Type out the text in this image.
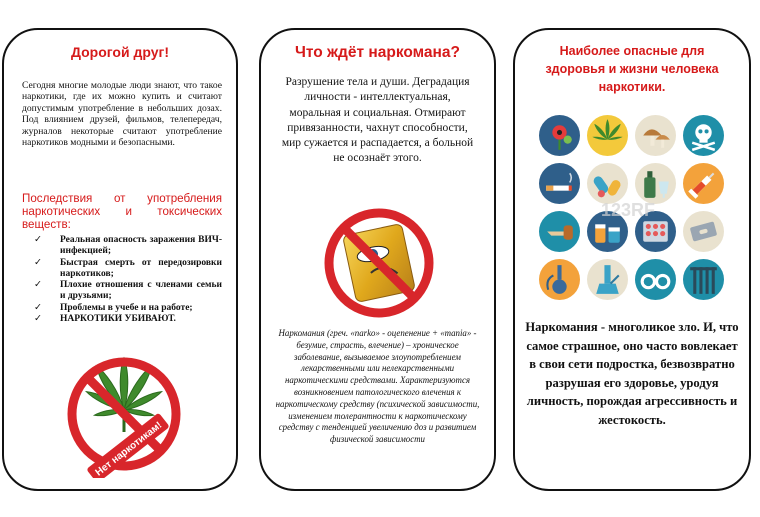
Дорогой друг!
Сегодня многие молодые люди знают, что такое наркотики, где их можно купить и считают допустимым употребление в небольших дозах. Под влиянием друзей, фильмов, телепередач, журналов некоторые считают употребление наркотиков модными и безопасными.
Последствия от употребления наркотических и токсических веществ:
✓ Реальная опасность заражения ВИЧ-инфекцией;
✓ Быстрая смерть от передозировки наркотиков;
✓ Плохие отношения с членами семьи и друзьями;
✓ Проблемы в учебе и на работе;
✓ НАРКОТИКИ УБИВАЮТ.
Нет наркотикам!
Что ждёт наркомана?
Разрушение тела и души. Деградация личности - интеллектуальная, моральная и социальная. Отмирают привязанности, чахнут способности, мир сужается и распадается, а больной не осознаёт этого.
Наркомания (греч. «narko» - оцепенение + «mania» - безумие, страсть, влечение) – хроническое заболевание, вызываемое злоупотреблением лекарственными или нелекарственными наркотическими средствами. Характеризуются возникновением патологического влечения к наркотическому средству (психической зависимости, изменением толерантности к наркотическому средству с тенденцией увеличению доз и развитием физической зависимости
Наиболее опасные для здоровья и жизни человека наркотики.
123RF
Наркомания - многоликое зло. И, что самое страшное, оно часто вовлекает в свои сети подростка, безвозвратно разрушая его здоровье, уродуя личность, порождая агрессивность и жестокость.
